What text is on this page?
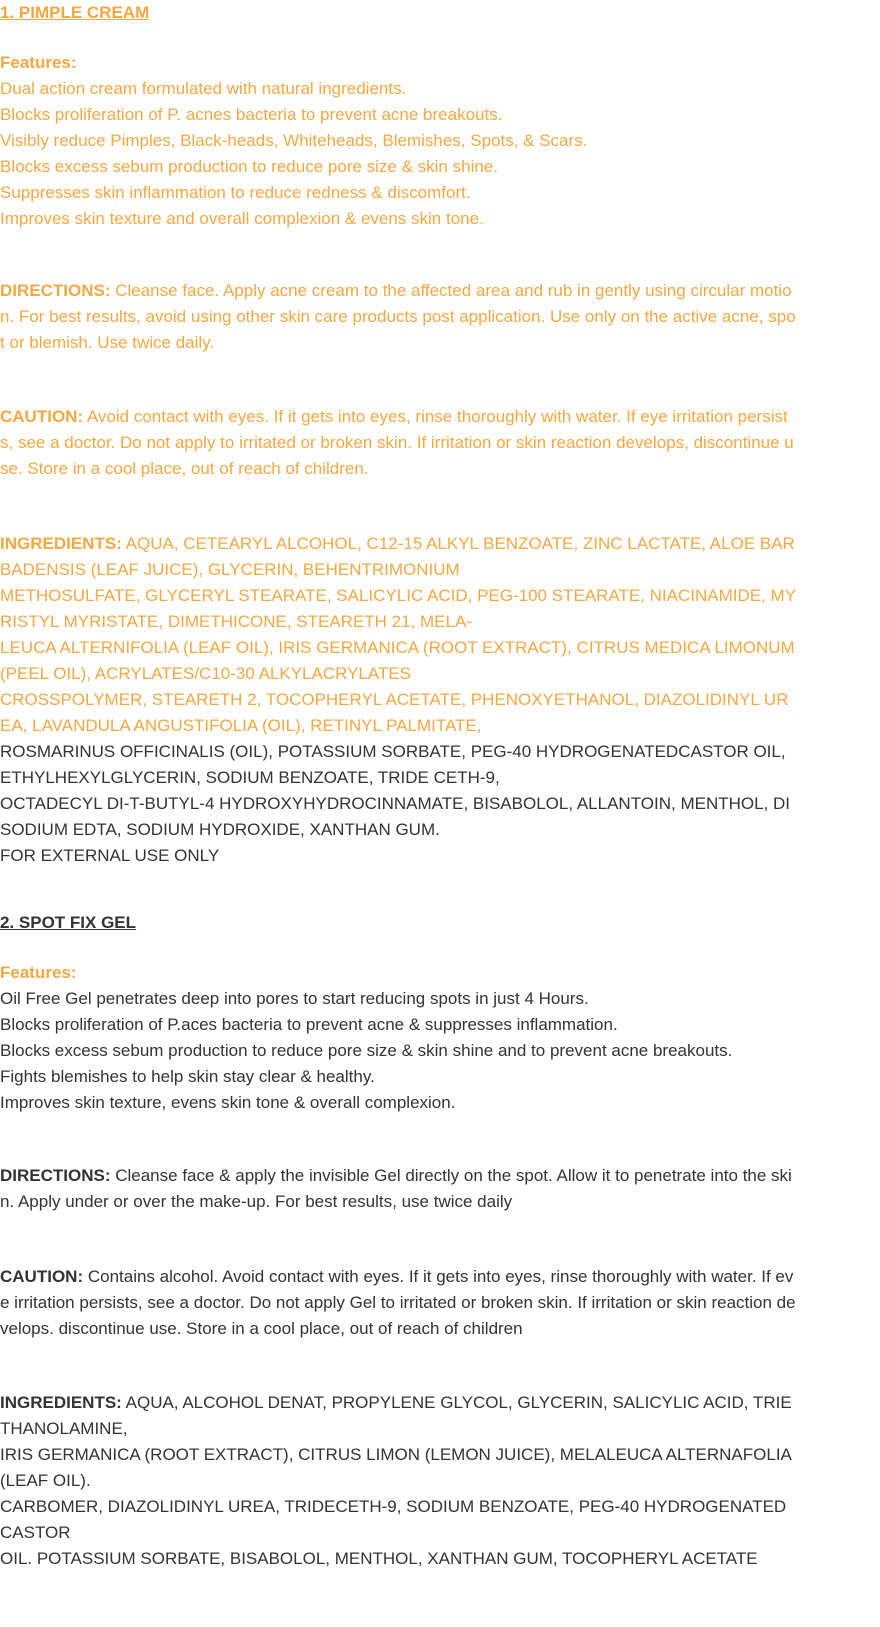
1. PIMPLE CREAM
Features:
Dual action cream formulated with natural ingredients.
Blocks proliferation of P. acnes bacteria to prevent acne breakouts.
Visibly reduce Pimples, Black-heads, Whiteheads, Blemishes, Spots, & Scars.
Blocks excess sebum production to reduce pore size & skin shine.
Suppresses skin inflammation to reduce redness & discomfort.
Improves skin texture and overall complexion & evens skin tone.
DIRECTIONS: Cleanse face. Apply acne cream to the affected area and rub in gently using circular motio
n. For best results, avoid using other skin care products post application. Use only on the active acne, spo
t or blemish. Use twice daily.
CAUTION: Avoid contact with eyes. If it gets into eyes, rinse thoroughly with water. If eye irritation persist
s, see a doctor. Do not apply to irritated or broken skin. If irritation or skin reaction develops, discontinue u
se. Store in a cool place, out of reach of children.
INGREDIENTS: AQUA, CETEARYL ALCOHOL, C12-15 ALKYL BENZOATE, ZINC LACTATE, ALOE BAR
BADENSIS (LEAF JUICE), GLYCERIN, BEHENTRIMONIUM
METHOSULFATE, GLYCERYL STEARATE, SALICYLIC ACID, PEG-100 STEARATE, NIACINAMIDE, MY
RISTYL MYRISTATE, DIMETHICONE, STEARETH 21, MELA-
LEUCA ALTERNIFOLIA (LEAF OIL), IRIS GERMANICA (ROOT EXTRACT), CITRUS MEDICA LIMONUM
(PEEL OIL), ACRYLATES/C10-30 ALKYLACRYLATES
CROSSPOLYMER, STEARETH 2, TOCOPHERYL ACETATE, PHENOXYETHANOL, DIAZOLIDINYL UR
EA, LAVANDULA ANGUSTIFOLIA (OIL), RETINYL PALMITATE,
ROSMARINUS OFFICINALIS (OIL), POTASSIUM SORBATE, PEG-40 HYDROGENATEDCASTOR OIL,
ETHYLHEXYLGLYCERIN, SODIUM BENZOATE, TRIDE CETH-9,
OCTADECYL DI-T-BUTYL-4 HYDROXYHYDROCINNAMATE, BISABOLOL, ALLANTOIN, MENTHOL, DI
SODIUM EDTA, SODIUM HYDROXIDE, XANTHAN GUM.
FOR EXTERNAL USE ONLY
2. SPOT FIX GEL
Features:
Oil Free Gel penetrates deep into pores to start reducing spots in just 4 Hours.
Blocks proliferation of P.aces bacteria to prevent acne & suppresses inflammation.
Blocks excess sebum production to reduce pore size & skin shine and to prevent acne breakouts.
Fights blemishes to help skin stay clear & healthy.
Improves skin texture, evens skin tone & overall complexion.
DIRECTIONS: Cleanse face & apply the invisible Gel directly on the spot. Allow it to penetrate into the ski
n. Apply under or over the make-up. For best results, use twice daily
CAUTION: Contains alcohol. Avoid contact with eyes. If it gets into eyes, rinse thoroughly with water. If ev
e irritation persists, see a doctor. Do not apply Gel to irritated or broken skin. If irritation or skin reaction de
velops. discontinue use. Store in a cool place, out of reach of children
INGREDIENTS: AQUA, ALCOHOL DENAT, PROPYLENE GLYCOL, GLYCERIN, SALICYLIC ACID, TRIE
THANOLAMINE,
IRIS GERMANICA (ROOT EXTRACT), CITRUS LIMON (LEMON JUICE), MELALEUCA ALTERNAFOLIA
(LEAF OIL).
CARBOMER, DIAZOLIDINYL UREA, TRIDECETH-9, SODIUM BENZOATE, PEG-40 HYDROGENATED
CASTOR
OIL. POTASSIUM SORBATE, BISABOLOL, MENTHOL, XANTHAN GUM, TOCOPHERYL ACETATE
